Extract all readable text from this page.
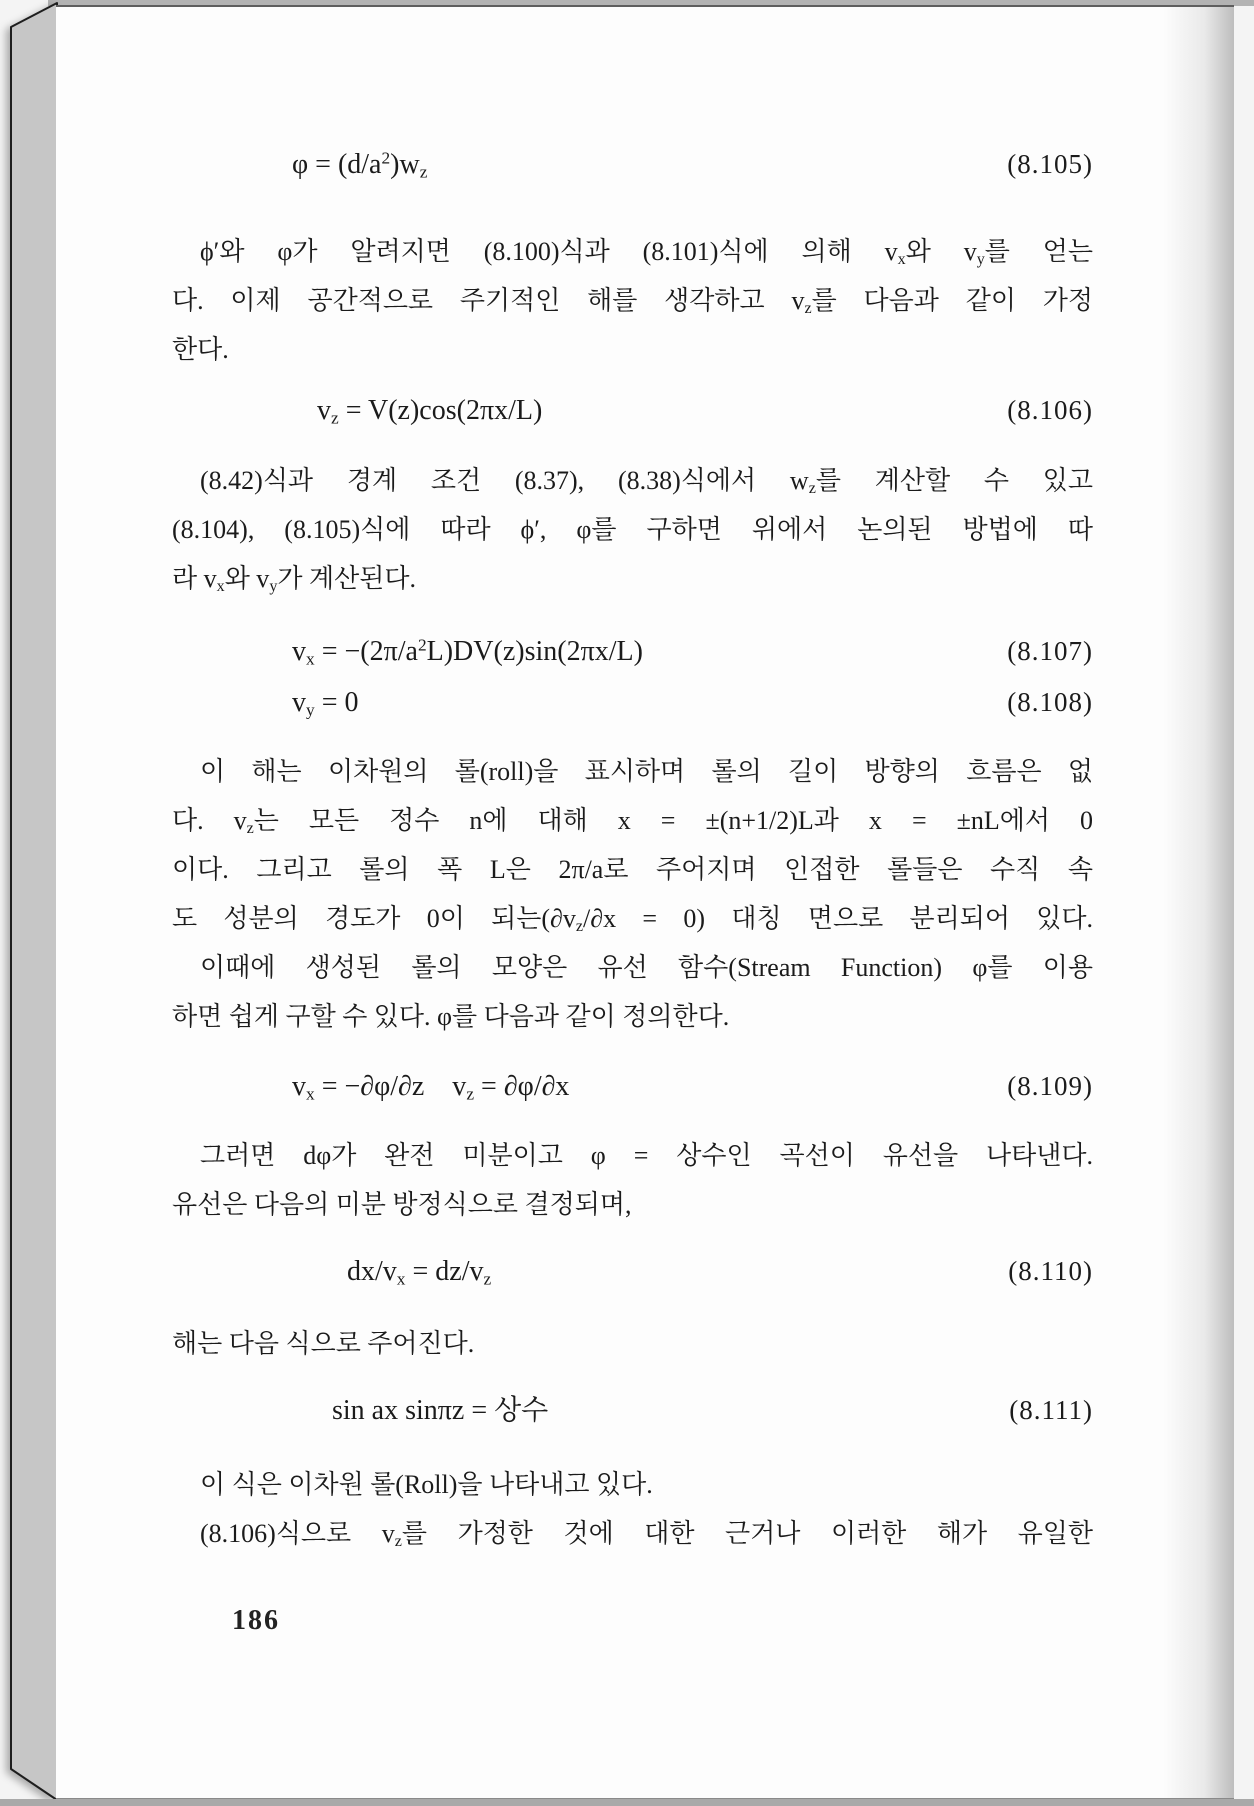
$\varphi = (d/a^2)w_z$	(8.105)

ϕ′와 φ가 알려지면 (8.100)식과 (8.101)식에 의해 $v_x$와 $v_y$를 얻는
다. 이제 공간적으로 주기적인 해를 생각하고 $v_z$를 다음과 같이 가정
한다.

$v_z = V(z)\cos(2\pi x/L)$	(8.106)

(8.42)식과 경계 조건 (8.37), (8.38)식에서 $w_z$를 계산할 수 있고
(8.104), (8.105)식에 따라 ϕ′, φ를 구하면 위에서 논의된 방법에 따
라 $v_x$와 $v_y$가 계산된다.

$v_x = -(2\pi/a^2L)DV(z)\sin(2\pi x/L)$	(8.107)
$v_y = 0$	(8.108)

이 해는 이차원의 롤(roll)을 표시하며 롤의 길이 방향의 흐름은 없
다. $v_z$는 모든 정수 n에 대해 x = ±(n+1/2)L과 x = ±nL에서 0
이다. 그리고 롤의 폭 L은 2π/a로 주어지며 인접한 롤들은 수직 속
도 성분의 경도가 0이 되는$(\partial v_z/\partial x = 0)$ 대칭 면으로 분리되어 있다.

이때에 생성된 롤의 모양은 유선 함수(Stream Function) φ를 이용
하면 쉽게 구할 수 있다. φ를 다음과 같이 정의한다.

$v_x = -\partial\varphi/\partial z$ $v_z = \partial\varphi/\partial x$	(8.109)

그러면 dφ가 완전 미분이고 φ = 상수인 곡선이 유선을 나타낸다.
유선은 다음의 미분 방정식으로 결정되며,

$dx/v_x = dz/v_z$	(8.110)

해는 다음 식으로 주어진다.

sin ax sinπz = 상수	(8.111)

이 식은 이차원 롤(Roll)을 나타내고 있다.

(8.106)식으로 $v_z$를 가정한 것에 대한 근거나 이러한 해가 유일한

186
